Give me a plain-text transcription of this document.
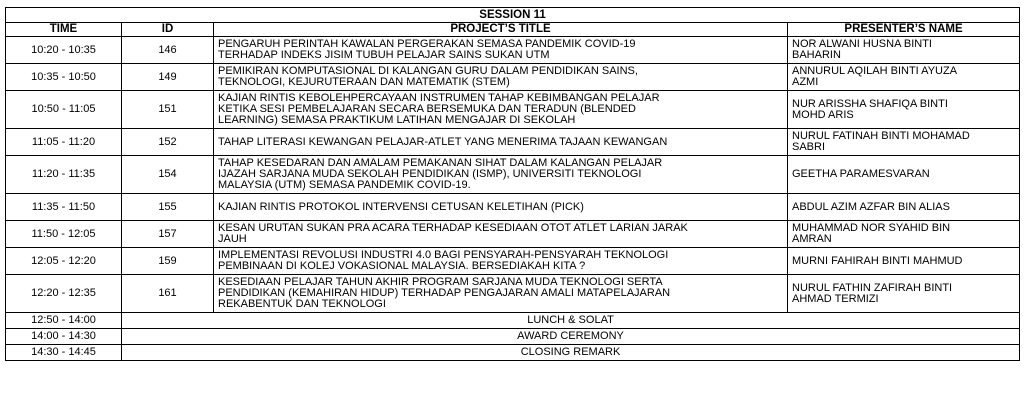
SESSION 11			
TIME	ID	PROJECT’S TITLE	PRESENTER’S NAME
10:20 - 10:35	146	PENGARUH PERINTAH KAWALAN PERGERAKAN SEMASA PANDEMIK COVID-19
TERHADAP INDEKS JISIM TUBUH PELAJAR SAINS SUKAN UTM	NOR ALWANI HUSNA BINTI
BAHARIN

10:35 - 10:50	149	PEMIKIRAN KOMPUTASIONAL DI KALANGAN GURU DALAM PENDIDIKAN SAINS,
TEKNOLOGI, KEJURUTERAAN DAN MATEMATIK (STEM)	ANNURUL AQILAH BINTI AYUZA
AZMI

10:50 - 11:05	151	KAJIAN RINTIS KEBOLEHPERCAYAAN INSTRUMEN TAHAP KEBIMBANGAN PELAJAR
KETIKA SESI PEMBELAJARAN SECARA BERSEMUKA DAN TERADUN (BLENDED
LEARNING) SEMASA PRAKTIKUM LATIHAN MENGAJAR DI SEKOLAH	NUR ARISSHA SHAFIQA BINTI
MOHD ARIS

11:05 - 11:20	152	TAHAP LITERASI KEWANGAN PELAJAR-ATLET YANG MENERIMA TAJAAN KEWANGAN	NURUL FATINAH BINTI MOHAMAD
SABRI

11:20 - 11:35	154	TAHAP KESEDARAN DAN AMALAM PEMAKANAN SIHAT DALAM KALANGAN PELAJAR
IJAZAH SARJANA MUDA SEKOLAH PENDIDIKAN (ISMP), UNIVERSITI TEKNOLOGI
MALAYSIA (UTM) SEMASA PANDEMIK COVID-19.	GEETHA PARAMESVARAN

11:35 - 11:50	155	KAJIAN RINTIS PROTOKOL INTERVENSI CETUSAN KELETIHAN (PICK)	ABDUL AZIM AZFAR BIN ALIAS

11:50 - 12:05	157	KESAN URUTAN SUKAN PRA ACARA TERHADAP KESEDIAAN OTOT ATLET LARIAN JARAK
JAUH	MUHAMMAD NOR SYAHID BIN
AMRAN

12:05 - 12:20	159	IMPLEMENTASI REVOLUSI INDUSTRI 4.0 BAGI PENSYARAH-PENSYARAH TEKNOLOGI
PEMBINAAN DI KOLEJ VOKASIONAL MALAYSIA. BERSEDIAKAH KITA ?	MURNI FAHIRAH BINTI MAHMUD

12:20 - 12:35	161	KESEDIAAN PELAJAR TAHUN AKHIR PROGRAM SARJANA MUDA TEKNOLOGI SERTA
PENDIDIKAN (KEMAHIRAN HIDUP) TERHADAP PENGAJARAN AMALI MATAPELAJARAN
REKABENTUK DAN TEKNOLOGI	NURUL FATHIN ZAFIRAH BINTI
AHMAD TERMIZI

12:50 - 14:00	LUNCH & SOLAT		
14:00 - 14:30	AWARD CEREMONY		
14:30 - 14:45	CLOSING REMARK		
